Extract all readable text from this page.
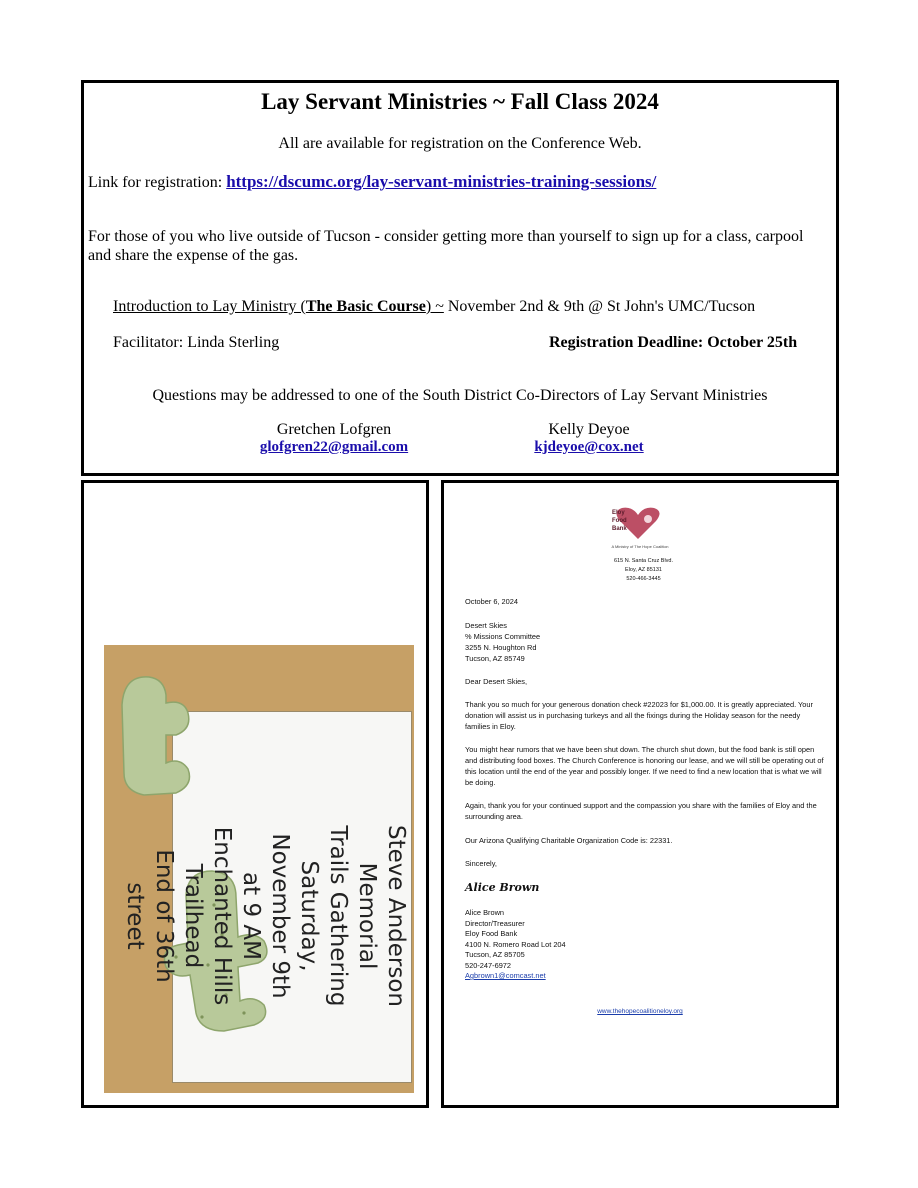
Lay Servant Ministries ~ Fall Class 2024
All are available for registration on the Conference Web.
Link for registration: https://dscumc.org/lay-servant-ministries-training-sessions/
For those of you who live outside of Tucson - consider getting more than yourself to sign up for a class, carpool
and share the expense of the gas.
Introduction to Lay Ministry (The Basic Course) ~ November 2nd & 9th @ St John's UMC/Tucson
Facilitator: Linda Sterling	Registration Deadline: October 25th
Questions may be addressed to one of the South District Co-Directors of Lay Servant Ministries
Gretchen Lofgren
glofgren22@gmail.com
Kelly Deyoe
kjdeyoe@cox.net
Steve Anderson
Memorial
Trails Gathering
Saturday,
November 9th
at 9 AM
Enchanted Hills
Trailhead
End of 36th
street
Eloy
Food
Bank
A Ministry of The Hope Coalition
615 N. Santa Cruz Blvd.
Eloy, AZ 85131
520-466-3445
October 6, 2024
Desert Skies
% Missions Committee
3255 N. Houghton Rd
Tucson, AZ 85749
Dear Desert Skies,
Thank you so much for your generous donation check #22023 for $1,000.00. It is greatly appreciated. Your donation will assist us in purchasing turkeys and all the fixings during the Holiday season for the needy families in Eloy.
You might hear rumors that we have been shut down. The church shut down, but the food bank is still open and distributing food boxes. The Church Conference is honoring our lease, and we will still be operating out of this location until the end of the year and possibly longer. If we need to find a new location that is what we will be doing.
Again, thank you for your continued support and the compassion you share with the families of Eloy and the surrounding area.
Our Arizona Qualifying Charitable Organization Code is: 22331.
Sincerely,
Alice Brown
Alice Brown
Director/Treasurer
Eloy Food Bank
4100 N. Romero Road Lot 204
Tucson, AZ 85705
520-247-6972
Agbrown1@comcast.net
www.thehopecoalitioneloy.org
